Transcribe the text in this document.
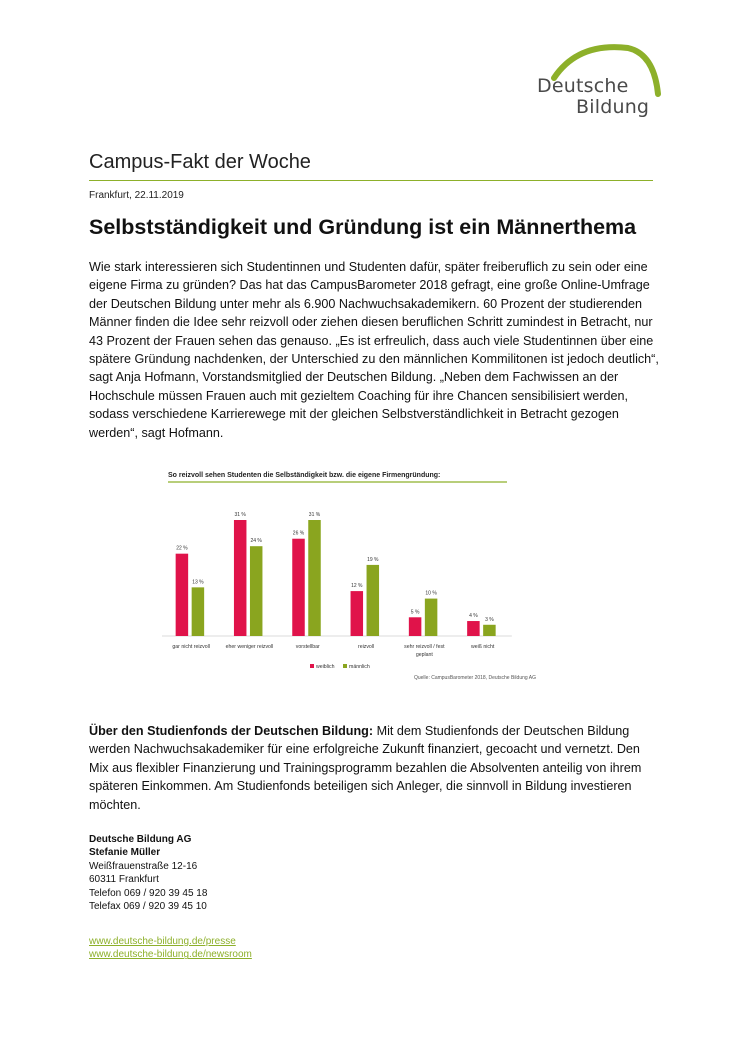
Deutsche
Bildung
Campus-Fakt der Woche
Frankfurt, 22.11.2019
Selbstständigkeit und Gründung ist ein Männerthema

Wie stark interessieren sich Studentinnen und Studenten dafür, später freiberuflich zu sein oder eine eigene Firma zu gründen? Das hat das CampusBarometer 2018 gefragt, eine große Online-Umfrage der Deutschen Bildung unter mehr als 6.900 Nachwuchsakademikern. 60 Prozent der studierenden Männer finden die Idee sehr reizvoll oder ziehen diesen beruflichen Schritt zumindest in Betracht, nur 43 Prozent der Frauen sehen das genauso. „Es ist erfreulich, dass auch viele Studentinnen über eine spätere Gründung nachdenken, der Unterschied zu den männlichen Kommilitonen ist jedoch deutlich“, sagt Anja Hofmann, Vorstandsmitglied der Deutschen Bildung. „Neben dem Fachwissen an der Hochschule müssen Frauen auch mit gezieltem Coaching für ihre Chancen sensibilisiert werden, sodass verschiedene Karrierewege mit der gleichen Selbstverständlichkeit in Betracht gezogen werden“, sagt Hofmann.

So reizvoll sehen Studenten die Selbständigkeit bzw. die eigene Firmengründung:
22 %
13 %
gar nicht reizvoll
31 %
24 %
eher weniger reizvoll
26 %
31 %
vorstellbar
12 %
19 %
reizvoll
5 %
10 %
sehr reizvoll / fest geplant
4 %
3 %
weiß nicht
weiblich	männlich
Quelle: CampusBarometer 2018, Deutsche Bildung AG

Über den Studienfonds der Deutschen Bildung: Mit dem Studienfonds der Deutschen Bildung werden Nachwuchsakademiker für eine erfolgreiche Zukunft finanziert, gecoacht und vernetzt. Den Mix aus flexibler Finanzierung und Trainingsprogramm bezahlen die Absolventen anteilig von ihrem späteren Einkommen. Am Studienfonds beteiligen sich Anleger, die sinnvoll in Bildung investieren möchten.

Deutsche Bildung AG
Stefanie Müller
Weißfrauenstraße 12-16
60311 Frankfurt
Telefon 069 / 920 39 45 18
Telefax 069 / 920 39 45 10
www.deutsche-bildung.de/presse
www.deutsche-bildung.de/newsroom
